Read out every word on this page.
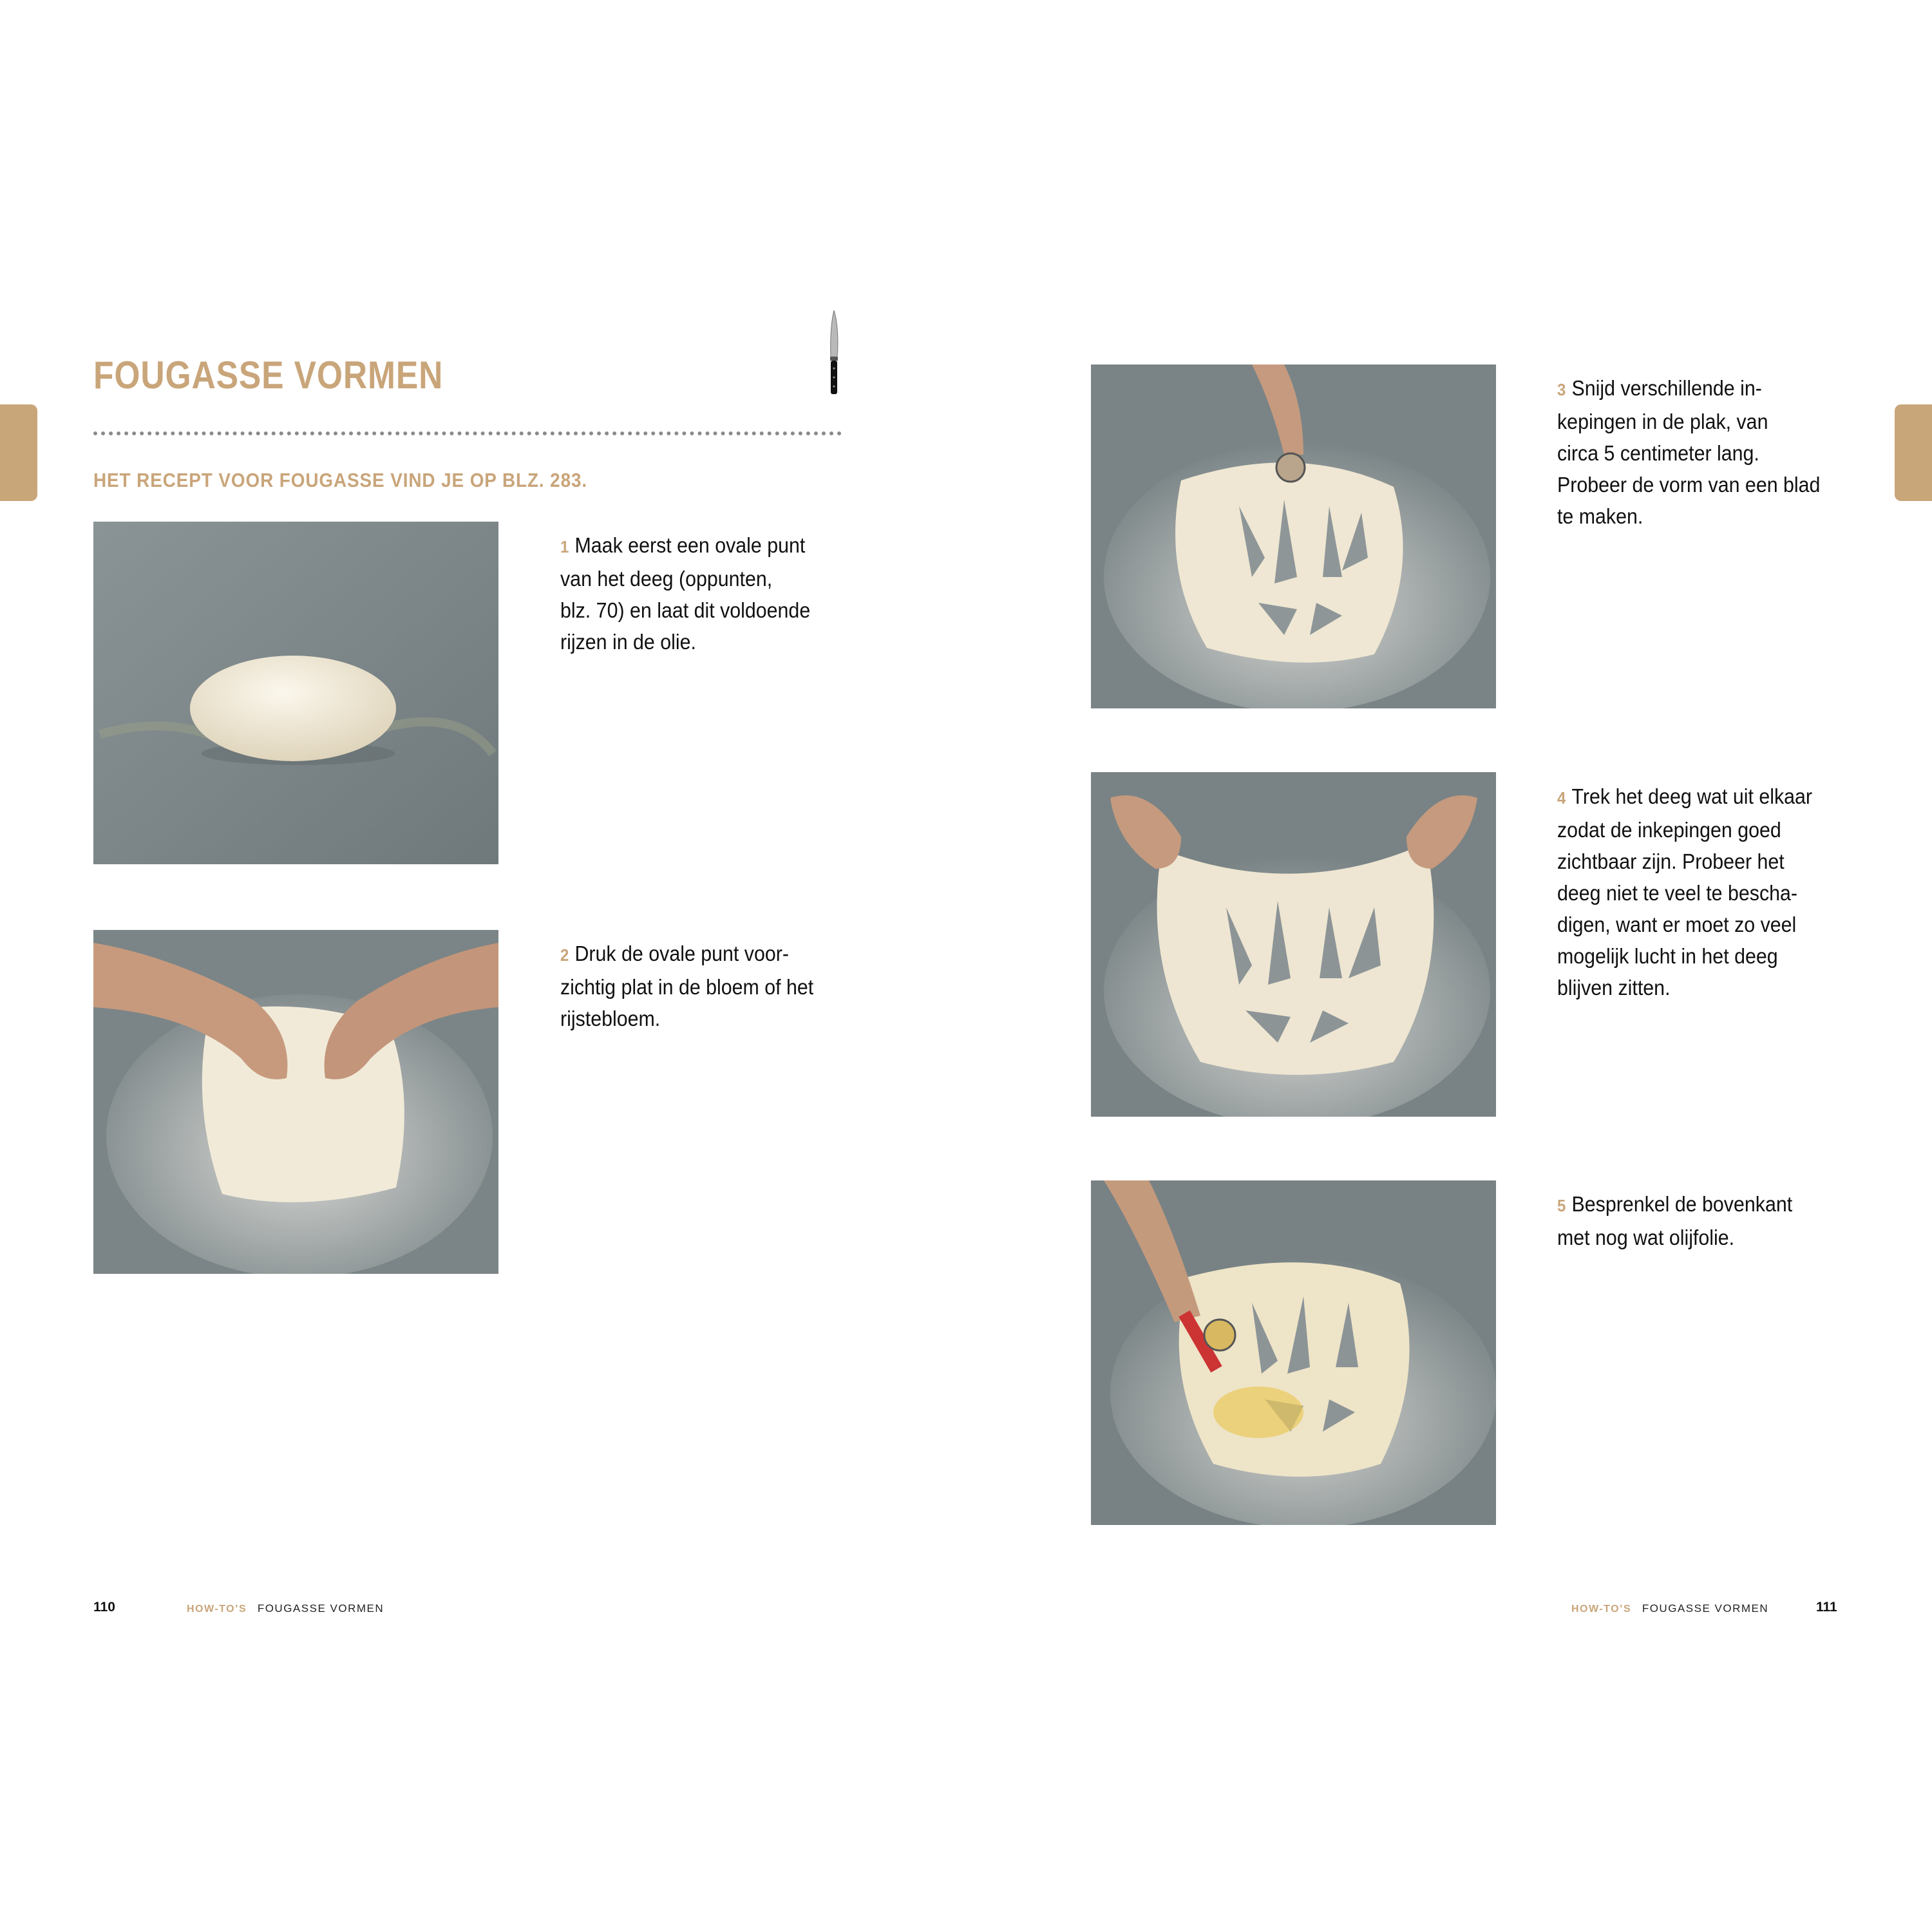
FOUGASSE VORMEN
HET RECEPT VOOR FOUGASSE VIND JE OP BLZ. 283.
1 Maak eerst een ovale punt
van het deeg (oppunten,
blz. 70) en laat dit voldoende
rijzen in de olie.
2 Druk de ovale punt voor-
zichtig plat in de bloem of het
rijstebloem.
3 Snijd verschillende in-
kepingen in de plak, van
circa 5 centimeter lang.
Probeer de vorm van een blad
te maken.
4 Trek het deeg wat uit elkaar
zodat de inkepingen goed
zichtbaar zijn. Probeer het
deeg niet te veel te bescha-
digen, want er moet zo veel
mogelijk lucht in het deeg
blijven zitten.
5 Besprenkel de bovenkant
met nog wat olijfolie.
110	HOW-TO’S FOUGASSE VORMEN	HOW-TO’S FOUGASSE VORMEN	111
